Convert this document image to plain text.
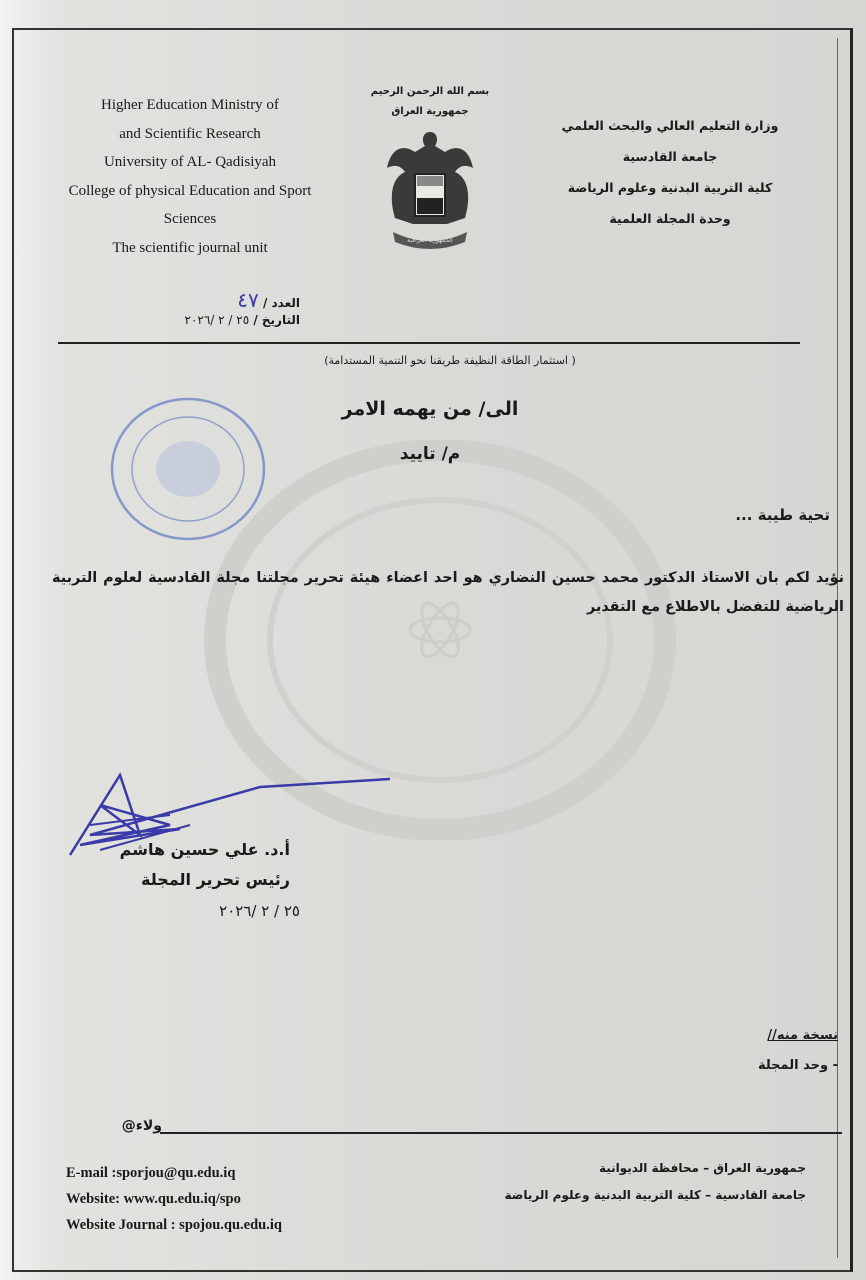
Higher Education Ministry of
and Scientific Research
University of AL- Qadisiyah
College of physical Education and Sport
Sciences
The scientific journal unit
بسم الله الرحمن الرحيم
جمهورية العراق
الجمهورية العراقية
وزارة التعليم العالي والبحث العلمي
جامعة القادسية
كلية التربية البدنية وعلوم الرياضة
وحدة المجلة العلمية
العدد / ٤٧
التاريخ / ٢٥ / ٢ /٢٠٢٦
( استثمار الطاقة النظيفة طريقنا نحو التنمية المستدامة)
الى/ من يهمه الامر
م/ تاييد
تحية طيبة ...
نؤيد لكم بان الاستاذ الدكتور محمد حسين النضاري هو احد اعضاء هيئة تحرير مجلتنا مجلة القادسية لعلوم التربية الرياضية للتفضل بالاطلاع مع التقدير
أ.د. علي حسين هاشم
رئيس تحرير المجلة
٢٥ / ٢ /٢٠٢٦
نسخة منه//
- وحد المجلة
ولاء@
E-mail :sporjou@qu.edu.iq
Website: www.qu.edu.iq/spo
Website Journal : spojou.qu.edu.iq
جمهورية العراق – محافظة الديوانية
جامعة القادسية – كلية التربية البدنية وعلوم الرياضة
